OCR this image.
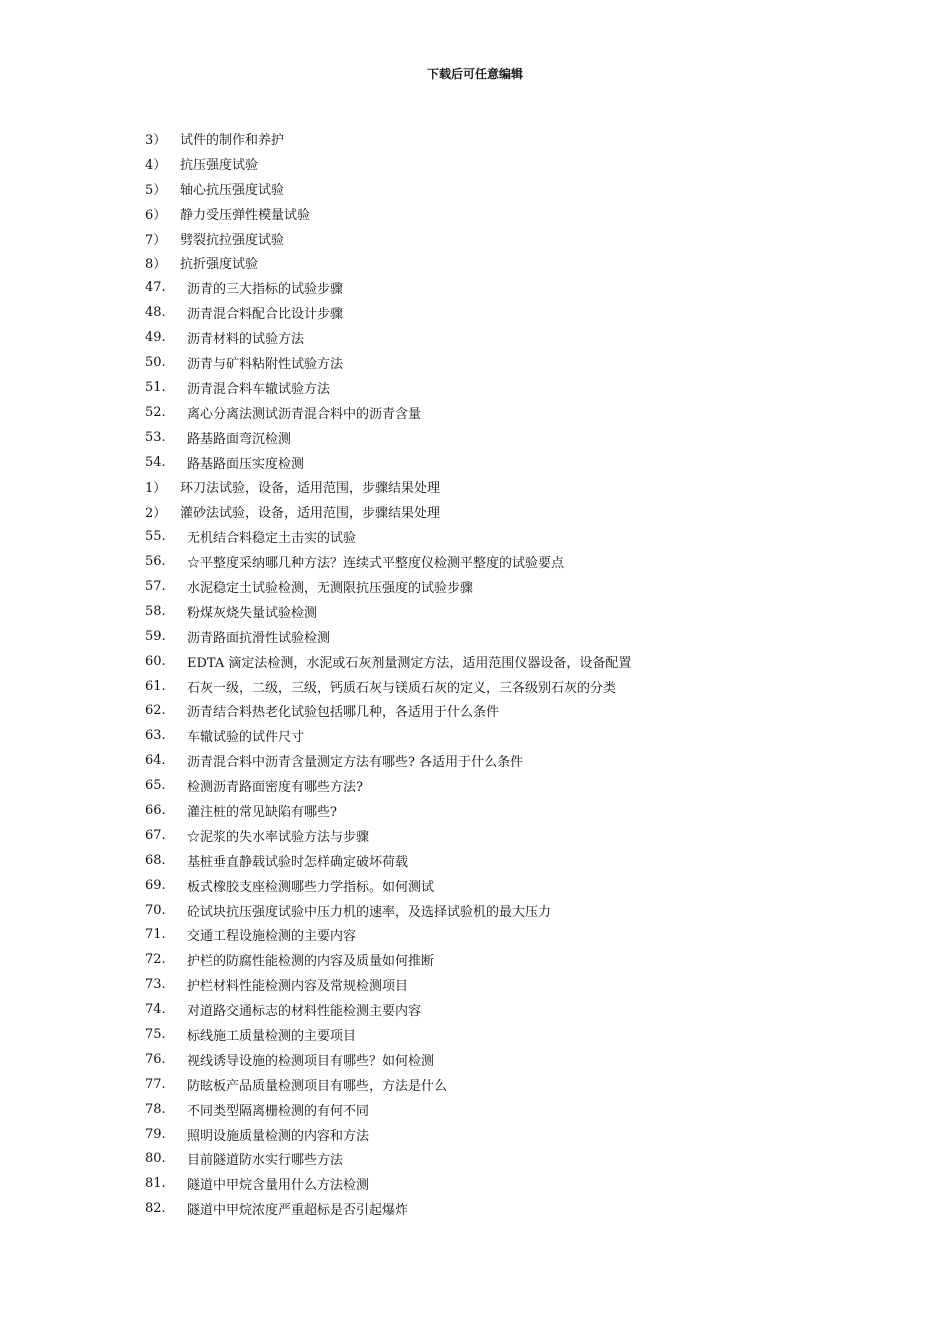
下载后可任意编辑
3）	试件的制作和养护
4）	抗压强度试验
5）	轴心抗压强度试验
6）	静力受压弹性模量试验
7）	劈裂抗拉强度试验
8）	抗折强度试验
47.	沥青的三大指标的试验步骤
48.	沥青混合料配合比设计步骤
49.	沥青材料的试验方法
50.	沥青与矿料粘附性试验方法
51.	沥青混合料车辙试验方法
52.	离心分离法测试沥青混合料中的沥青含量
53.	路基路面弯沉检测
54.	路基路面压实度检测
1）	环刀法试验，设备，适用范围，步骤结果处理
2）	灌砂法试验，设备，适用范围，步骤结果处理
55.	无机结合料稳定土击实的试验
56.	☆平整度采纳哪几种方法？连续式平整度仪检测平整度的试验要点
57.	水泥稳定土试验检测，无测限抗压强度的试验步骤
58.	粉煤灰烧失量试验检测
59.	沥青路面抗滑性试验检测
60.	EDTA 滴定法检测，水泥或石灰剂量测定方法，适用范围仪器设备，设备配置
61.	石灰一级，二级，三级，钙质石灰与镁质石灰的定义，三各级别石灰的分类
62.	沥青结合料热老化试验包括哪几种，各适用于什么条件
63.	车辙试验的试件尺寸
64.	沥青混合料中沥青含量测定方法有哪些? 各适用于什么条件
65.	检测沥青路面密度有哪些方法?
66.	灌注桩的常见缺陷有哪些?
67.	☆泥浆的失水率试验方法与步骤
68.	基桩垂直静载试验时怎样确定破坏荷载
69.	板式橡胶支座检测哪些力学指标。如何测试
70.	砼试块抗压强度试验中压力机的速率，及选择试验机的最大压力
71.	交通工程设施检测的主要内容
72.	护栏的防腐性能检测的内容及质量如何推断
73.	护栏材料性能检测内容及常规检测项目
74.	对道路交通标志的材料性能检测主要内容
75.	标线施工质量检测的主要项目
76.	视线诱导设施的检测项目有哪些？如何检测
77.	防眩板产品质量检测项目有哪些，方法是什么
78.	不同类型隔离栅检测的有何不同
79.	照明设施质量检测的内容和方法
80.	目前隧道防水实行哪些方法
81.	隧道中甲烷含量用什么方法检测
82.	隧道中甲烷浓度严重超标是否引起爆炸
